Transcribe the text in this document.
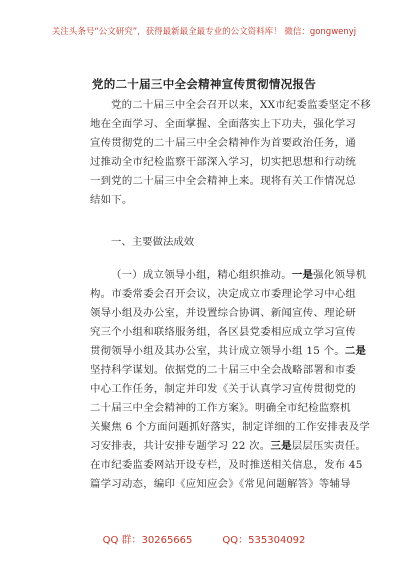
关注头条号“公文研究”，获得最新最全最专业的公文资料库！ 微信：gongwenyj
党的二十届三中全会精神宣传贯彻情况报告
党的二十届三中全会召开以来，XX市纪委监委坚定不移
地在全面学习、全面掌握、全面落实上下功夫，强化学习
宣传贯彻党的二十届三中全会精神作为首要政治任务，通
过推动全市纪检监察干部深入学习，切实把思想和行动统
一到党的二十届三中全会精神上来。现将有关工作情况总
结如下。
一、主要做法成效
（一）成立领导小组，精心组织推动。一是强化领导机
构。市委常委会召开会议，决定成立市委理论学习中心组
领导小组及办公室，并设置综合协调、新闻宣传、理论研
究三个小组和联络服务组，各区县党委相应成立学习宣传
贯彻领导小组及其办公室，共计成立领导小组 15 个。二是
坚持科学谋划。依据党的二十届三中全会战略部署和市委
中心工作任务，制定并印发《关于认真学习宣传贯彻党的
二十届三中全会精神的工作方案》。明确全市纪检监察机
关聚焦 6 个方面问题抓好落实，制定详细的工作安排表及学
习安排表，共计安排专题学习 22 次。三是层层压实责任。
在市纪委监委网站开设专栏，及时推送相关信息，发布 45
篇学习动态，编印《应知应会》《常见问题解答》等辅导
QQ 群：30265665	QQ：535304092
